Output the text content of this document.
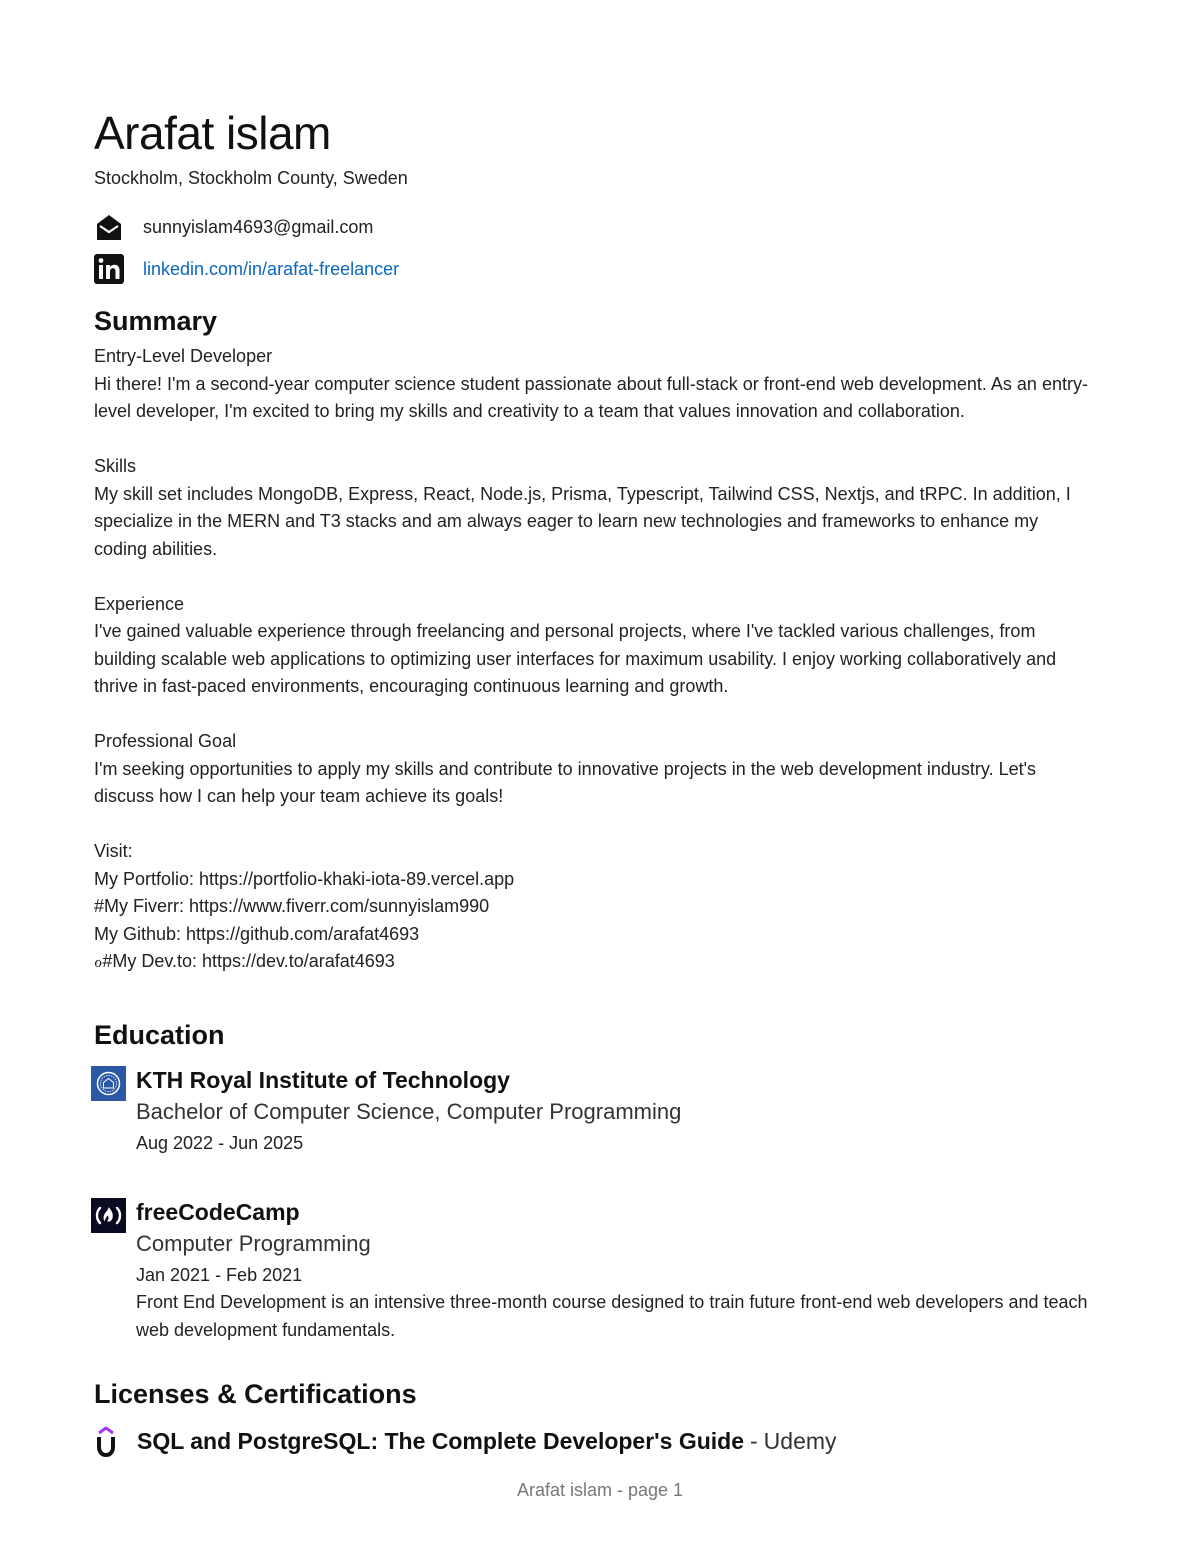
Arafat islam
Stockholm, Stockholm County, Sweden
sunnyislam4693@gmail.com
linkedin.com/in/arafat-freelancer
Summary

Entry-Level Developer

Hi there! I'm a second-year computer science student passionate about full-stack or front-end web development. As an entry-level developer, I'm excited to bring my skills and creativity to a team that values innovation and collaboration.

Skills

My skill set includes MongoDB, Express, React, Node.js, Prisma, Typescript, Tailwind CSS, Nextjs, and tRPC. In addition, I specialize in the MERN and T3 stacks and am always eager to learn new technologies and frameworks to enhance my coding abilities.

Experience

I've gained valuable experience through freelancing and personal projects, where I've tackled various challenges, from building scalable web applications to optimizing user interfaces for maximum usability. I enjoy working collaboratively and thrive in fast-paced environments, encouraging continuous learning and growth.

Professional Goal

I'm seeking opportunities to apply my skills and contribute to innovative projects in the web development industry. Let's discuss how I can help your team achieve its goals!

Visit:

My Portfolio: https://portfolio-khaki-iota-89.vercel.app

#My Fiverr: https://www.fiverr.com/sunnyislam990

My Github: https://github.com/arafat4693

ℴ#My Dev.to: https://dev.to/arafat4693

Education
KTH Royal Institute of Technology
Bachelor of Computer Science, Computer Programming
Aug 2022 - Jun 2025
freeCodeCamp
Computer Programming
Jan 2021 - Feb 2021
Front End Development is an intensive three-month course designed to train future front-end web developers and teach web development fundamentals.
Licenses & Certifications
SQL and PostgreSQL: The Complete Developer's Guide - Udemy
Arafat islam - page 1
